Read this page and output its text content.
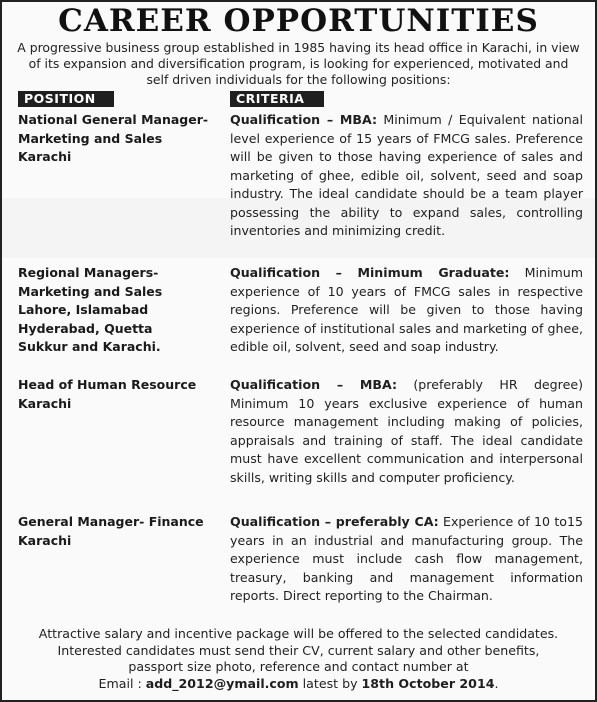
CAREER OPPORTUNITIES
A progressive business group established in 1985 having its head office in Karachi, in view of its expansion and diversification program, is looking for experienced, motivated and self driven individuals for the following positions:
POSITION	CRITERIA
National General Manager-
Marketing and Sales
Karachi
Qualification – MBA: Minimum / Equivalent national level experience of 15 years of FMCG sales. Preference will be given to those having experience of sales and marketing of ghee, edible oil, solvent, seed and soap industry. The ideal candidate should be a team player possessing the ability to expand sales, controlling inventories and minimizing credit.
Regional Managers-
Marketing and Sales
Lahore, Islamabad
Hyderabad, Quetta
Sukkur and Karachi.
Qualification – Minimum Graduate: Minimum experience of 10 years of FMCG sales in respective regions. Preference will be given to those having experience of institutional sales and marketing of ghee, edible oil, solvent, seed and soap industry.
Head of Human Resource
Karachi
Qualification – MBA: (preferably HR degree) Minimum 10 years exclusive experience of human resource management including making of policies, appraisals and training of staff. The ideal candidate must have excellent communication and interpersonal skills, writing skills and computer proficiency.
General Manager- Finance
Karachi
Qualification – preferably CA: Experience of 10 to15 years in an industrial and manufacturing group. The experience must include cash flow management, treasury, banking and management information reports. Direct reporting to the Chairman.
Attractive salary and incentive package will be offered to the selected candidates.
Interested candidates must send their CV, current salary and other benefits,
passport size photo, reference and contact number at
Email : add_2012@ymail.com latest by 18th October 2014.
